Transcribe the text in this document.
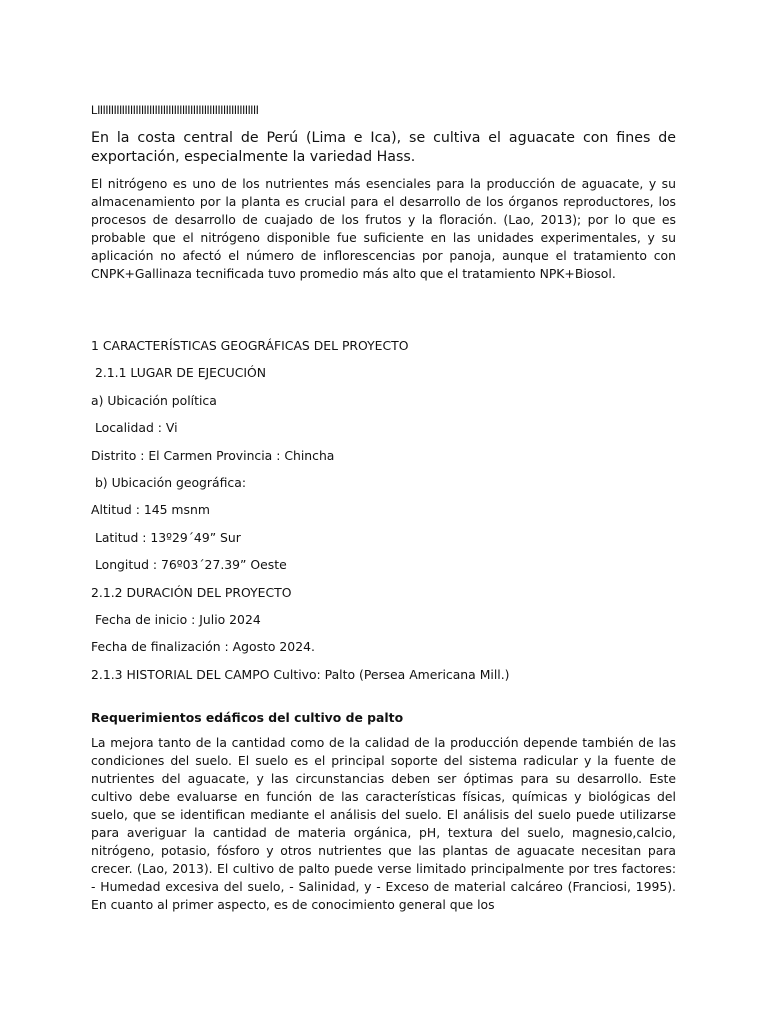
LIIIIIIIIIIIIIIIIIIIIIIIIIIIIIIIIIIIIIIIIIIIIIIIIIIIIIIIIIII

En la costa central de Perú (Lima e Ica), se cultiva el aguacate con fines de exportación, especialmente la variedad Hass.

El nitrógeno es uno de los nutrientes más esenciales para la producción de aguacate, y su almacenamiento por la planta es crucial para el desarrollo de los órganos reproductores, los procesos de desarrollo de cuajado de los frutos y la floración. (Lao, 2013); por lo que es probable que el nitrógeno disponible fue suficiente en las unidades experimentales, y su aplicación no afectó el número de inflorescencias por panoja, aunque el tratamiento con CNPK+Gallinaza tecnificada tuvo promedio más alto que el tratamiento NPK+Biosol.

1 CARACTERÍSTICAS GEOGRÁFICAS DEL PROYECTO

2.1.1 LUGAR DE EJECUCIÓN

a) Ubicación política

Localidad : Vi

Distrito : El Carmen Provincia : Chincha

b) Ubicación geográfica:

Altitud : 145 msnm

Latitud : 13º29´49” Sur

Longitud : 76º03´27.39” Oeste

2.1.2 DURACIÓN DEL PROYECTO

Fecha de inicio : Julio 2024

Fecha de finalización : Agosto 2024.

2.1.3 HISTORIAL DEL CAMPO Cultivo: Palto (Persea Americana Mill.)

Requerimientos edáficos del cultivo de palto

La mejora tanto de la cantidad como de la calidad de la producción depende también de las condiciones del suelo. El suelo es el principal soporte del sistema radicular y la fuente de nutrientes del aguacate, y las circunstancias deben ser óptimas para su desarrollo. Este cultivo debe evaluarse en función de las características físicas, químicas y biológicas del suelo, que se identifican mediante el análisis del suelo. El análisis del suelo puede utilizarse para averiguar la cantidad de materia orgánica, pH, textura del suelo, magnesio,calcio, nitrógeno, potasio, fósforo y otros nutrientes que las plantas de aguacate necesitan para crecer. (Lao, 2013). El cultivo de palto puede verse limitado principalmente por tres factores: - Humedad excesiva del suelo, - Salinidad, y - Exceso de material calcáreo (Franciosi, 1995). En cuanto al primer aspecto, es de conocimiento general que los
